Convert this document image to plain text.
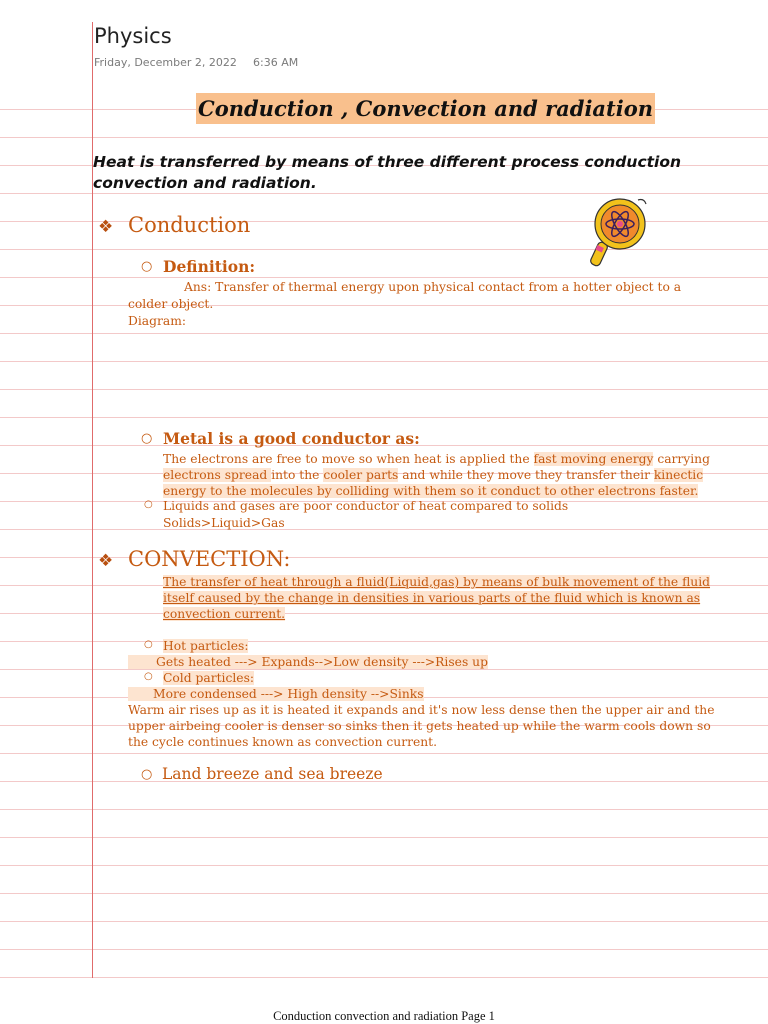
Physics
Friday, December 2, 2022 6:36 AM
Conduction , Convection and radiation
Heat is transferred by means of three different process conduction convection and radiation.
❖ Conduction
○ Definition:
Ans: Transfer of thermal energy upon physical contact from a hotter object to a
colder object.
Diagram:
○ Metal is a good conductor as:
The electrons are free to move so when heat is applied the fast moving energy carrying
electrons spread into the cooler parts and while they move they transfer their kinectic
energy to the molecules by colliding with them so it conduct to other electrons faster.
○ Liquids and gases are poor conductor of heat compared to solids
Solids>Liquid>Gas
❖ CONVECTION:
The transfer of heat through a fluid(Liquid,gas) by means of bulk movement of the fluid
itself caused by the change in densities in various parts of the fluid which is known as
convection current.
○ Hot particles:
Gets heated ---> Expands-->Low density --->Rises up
○ Cold particles:
More condensed ---> High density -->Sinks
Warm air rises up as it is heated it expands and it's now less dense then the upper air and the
upper airbeing cooler is denser so sinks then it gets heated up while the warm cools down so
the cycle continues known as convection current.
○ Land breeze and sea breeze
Conduction convection and radiation Page 1
